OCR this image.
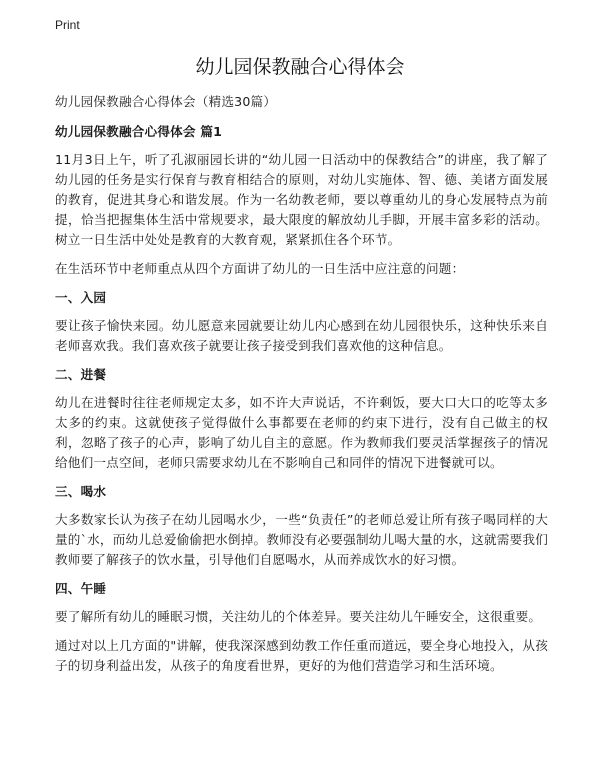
Print
幼儿园保教融合心得体会

幼儿园保教融合心得体会（精选30篇）

幼儿园保教融合心得体会 篇1

11月3日上午，听了孔淑丽园长讲的“幼儿园一日活动中的保教结合”的讲座，我了解了幼儿园的任务是实行保育与教育相结合的原则，对幼儿实施体、智、德、美诸方面发展的教育，促进其身心和谐发展。作为一名幼教老师，要以尊重幼儿的身心发展特点为前提，恰当把握集体生活中常规要求，最大限度的解放幼儿手脚，开展丰富多彩的活动。树立一日生活中处处是教育的大教育观，紧紧抓住各个环节。

在生活环节中老师重点从四个方面讲了幼儿的一日生活中应注意的问题：

一、入园

要让孩子愉快来园。幼儿愿意来园就要让幼儿内心感到在幼儿园很快乐，这种快乐来自老师喜欢我。我们喜欢孩子就要让孩子接受到我们喜欢他的这种信息。

二、进餐

幼儿在进餐时往往老师规定太多，如不许大声说话，不许剩饭，要大口大口的吃等太多太多的约束。这就使孩子觉得做什么事都要在老师的约束下进行，没有自己做主的权利，忽略了孩子的心声，影响了幼儿自主的意愿。作为教师我们要灵活掌握孩子的情况给他们一点空间，老师只需要求幼儿在不影响自己和同伴的情况下进餐就可以。

三、喝水

大多数家长认为孩子在幼儿园喝水少，一些“负责任”的老师总爱让所有孩子喝同样的大量的`水，而幼儿总爱偷偷把水倒掉。教师没有必要强制幼儿喝大量的水，这就需要我们教师要了解孩子的饮水量，引导他们自愿喝水，从而养成饮水的好习惯。

四、午睡

要了解所有幼儿的睡眠习惯，关注幼儿的个体差异。要关注幼儿午睡安全，这很重要。

通过对以上几方面的"讲解，使我深深感到幼教工作任重而道远，要全身心地投入，从孩子的切身利益出发，从孩子的角度看世界，更好的为他们营造学习和生活环境。
